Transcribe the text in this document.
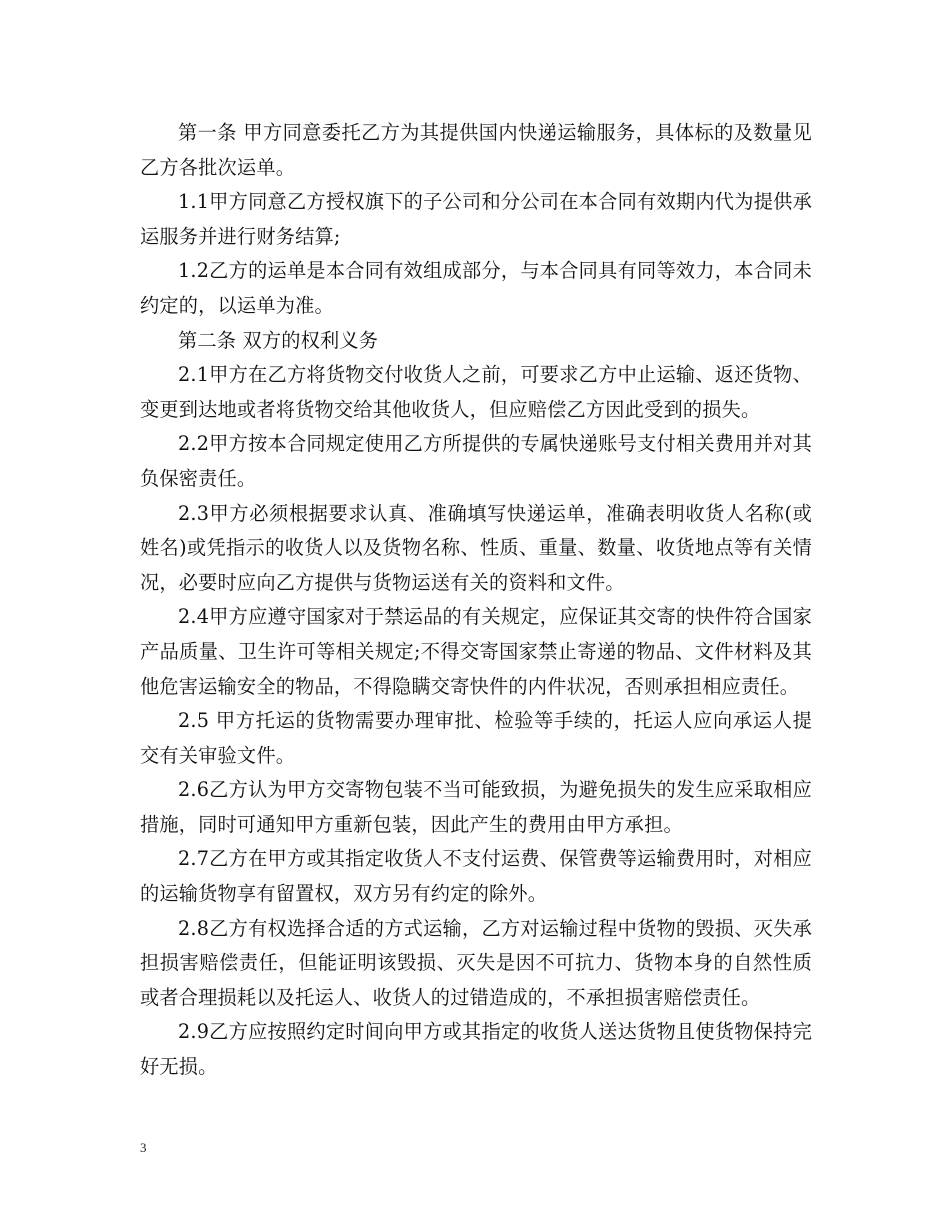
第一条 甲方同意委托乙方为其提供国内快递运输服务，具体标的及数量见乙方各批次运单。

1.1甲方同意乙方授权旗下的子公司和分公司在本合同有效期内代为提供承运服务并进行财务结算;

1.2乙方的运单是本合同有效组成部分，与本合同具有同等效力，本合同未约定的，以运单为准。

第二条 双方的权利义务

2.1甲方在乙方将货物交付收货人之前，可要求乙方中止运输、返还货物、变更到达地或者将货物交给其他收货人，但应赔偿乙方因此受到的损失。

2.2甲方按本合同规定使用乙方所提供的专属快递账号支付相关费用并对其负保密责任。

2.3甲方必须根据要求认真、准确填写快递运单，准确表明收货人名称(或姓名)或凭指示的收货人以及货物名称、性质、重量、数量、收货地点等有关情况，必要时应向乙方提供与货物运送有关的资料和文件。

2.4甲方应遵守国家对于禁运品的有关规定，应保证其交寄的快件符合国家产品质量、卫生许可等相关规定;不得交寄国家禁止寄递的物品、文件材料及其他危害运输安全的物品，不得隐瞒交寄快件的内件状况，否则承担相应责任。

2.5 甲方托运的货物需要办理审批、检验等手续的，托运人应向承运人提交有关审验文件。

2.6乙方认为甲方交寄物包装不当可能致损，为避免损失的发生应采取相应措施，同时可通知甲方重新包装，因此产生的费用由甲方承担。

2.7乙方在甲方或其指定收货人不支付运费、保管费等运输费用时，对相应的运输货物享有留置权，双方另有约定的除外。

2.8乙方有权选择合适的方式运输，乙方对运输过程中货物的毁损、灭失承担损害赔偿责任，但能证明该毁损、灭失是因不可抗力、货物本身的自然性质或者合理损耗以及托运人、收货人的过错造成的，不承担损害赔偿责任。

2.9乙方应按照约定时间向甲方或其指定的收货人送达货物且使货物保持完好无损。

3
